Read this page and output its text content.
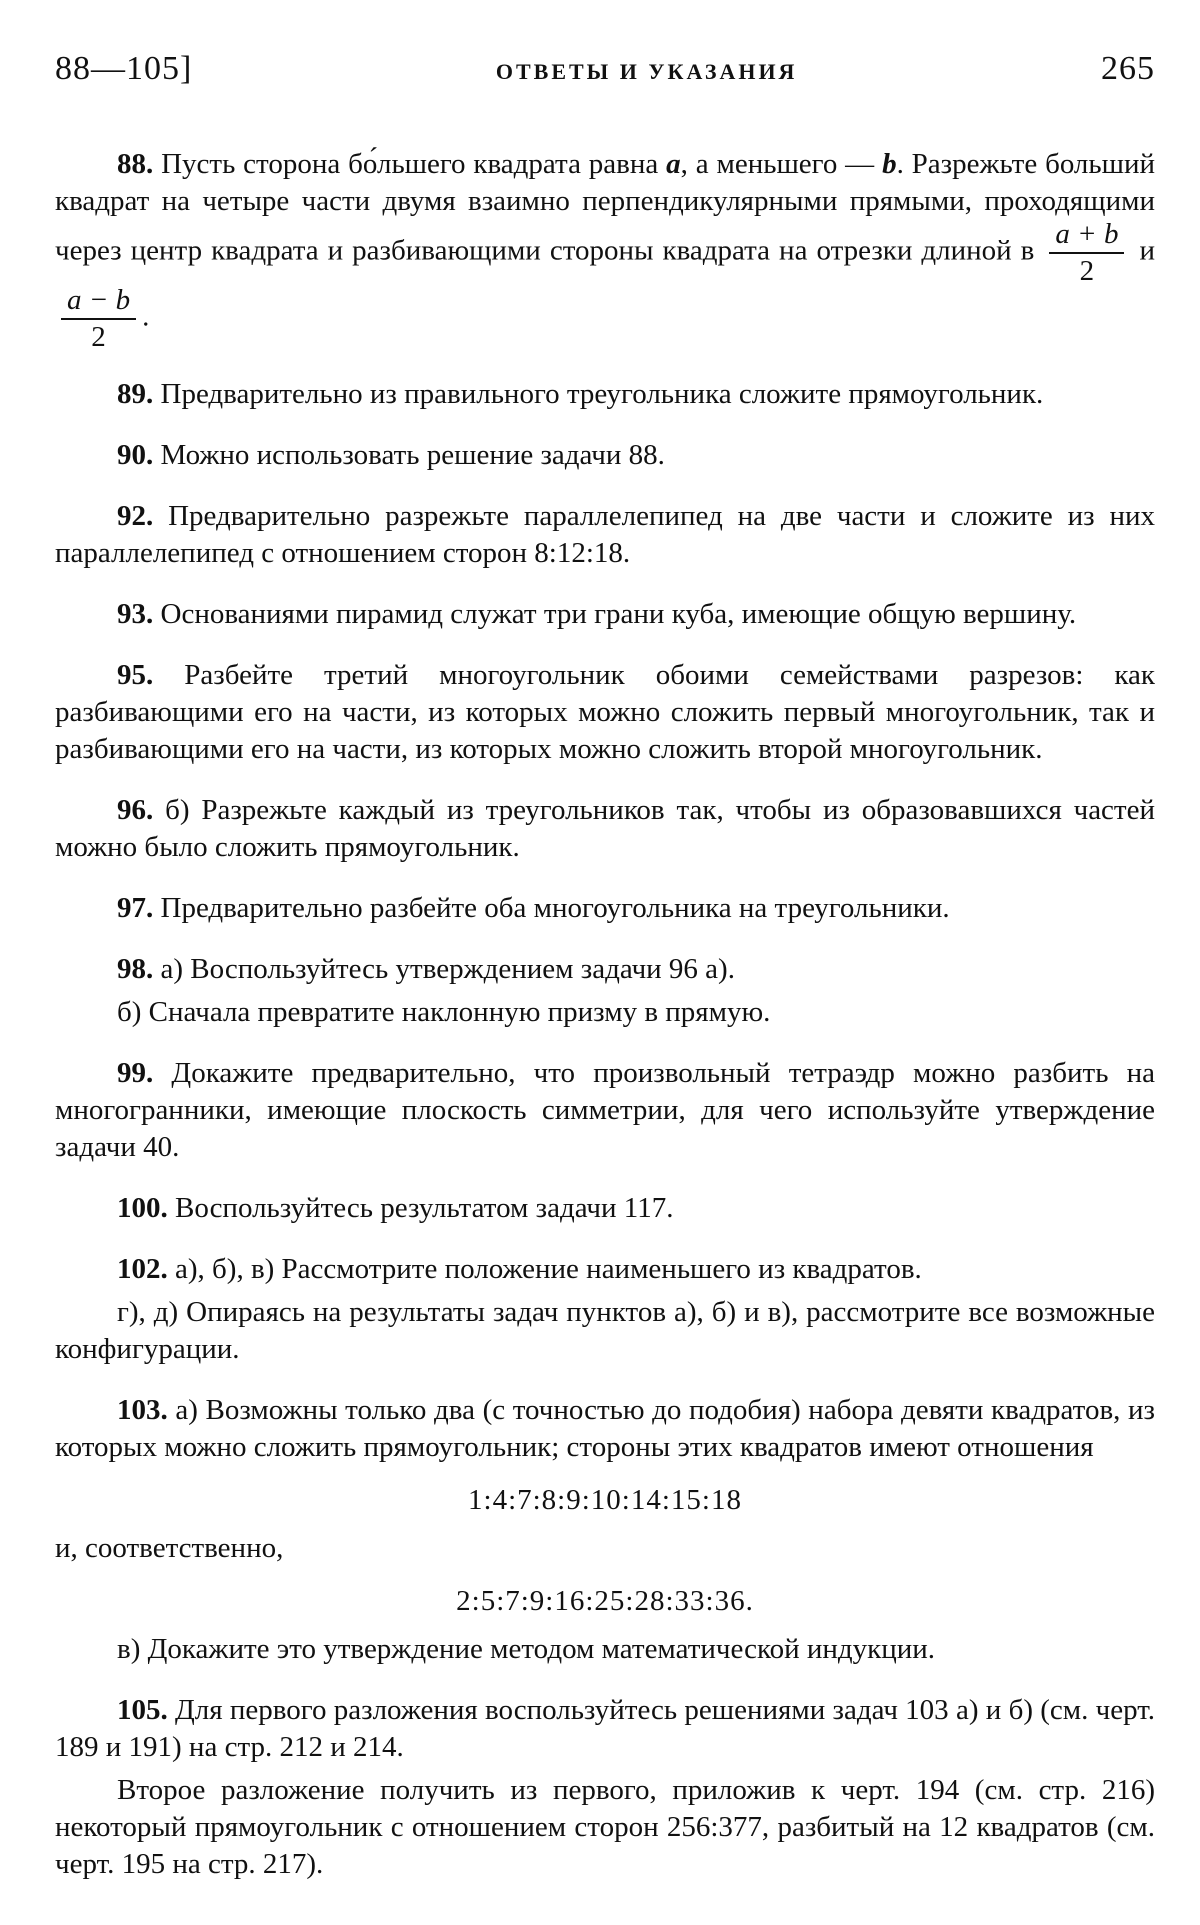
88—105]	ОТВЕТЫ И УКАЗАНИЯ	265

88. Пусть сторона бо́льшего квадрата равна a, а меньшего — b. Разрежьте больший квадрат на четыре части двумя взаимно перпендикулярными прямыми, проходящими через центр квадрата и разбивающими стороны квадрата на отрезки длиной в $\frac{a + b}{2}$ и
$\frac{a - b}{2}$ .

89. Предварительно из правильного треугольника сложите прямоугольник.

90. Можно использовать решение задачи 88.

92. Предварительно разрежьте параллелепипед на две части и сложите из них параллелепипед с отношением сторон 8:12:18.

93. Основаниями пирамид служат три грани куба, имеющие общую вершину.

95. Разбейте третий многоугольник обоими семействами разрезов: как разбивающими его на части, из которых можно сложить первый многоугольник, так и разбивающими его на части, из которых можно сложить второй многоугольник.

96. б) Разрежьте каждый из треугольников так, чтобы из образовавшихся частей можно было сложить прямоугольник.

97. Предварительно разбейте оба многоугольника на треугольники.

98. а) Воспользуйтесь утверждением задачи 96 а).

б) Сначала превратите наклонную призму в прямую.

99. Докажите предварительно, что произвольный тетраэдр можно разбить на многогранники, имеющие плоскость симметрии, для чего используйте утверждение задачи 40.

100. Воспользуйтесь результатом задачи 117.

102. а), б), в) Рассмотрите положение наименьшего из квадратов.

г), д) Опираясь на результаты задач пунктов а), б) и в), рассмотрите все возможные конфигурации.

103. а) Возможны только два (с точностью до подобия) набора девяти квадратов, из которых можно сложить прямоугольник; стороны этих квадратов имеют отношения

1:4:7:8:9:10:14:15:18

и, соответственно,

2:5:7:9:16:25:28:33:36.

в) Докажите это утверждение методом математической индукции.

105. Для первого разложения воспользуйтесь решениями задач 103 а) и б) (см. черт. 189 и 191) на стр. 212 и 214.

Второе разложение получить из первого, приложив к черт. 194 (см. стр. 216) некоторый прямоугольник с отношением сторон 256:377, разбитый на 12 квадратов (см. черт. 195 на стр. 217).
